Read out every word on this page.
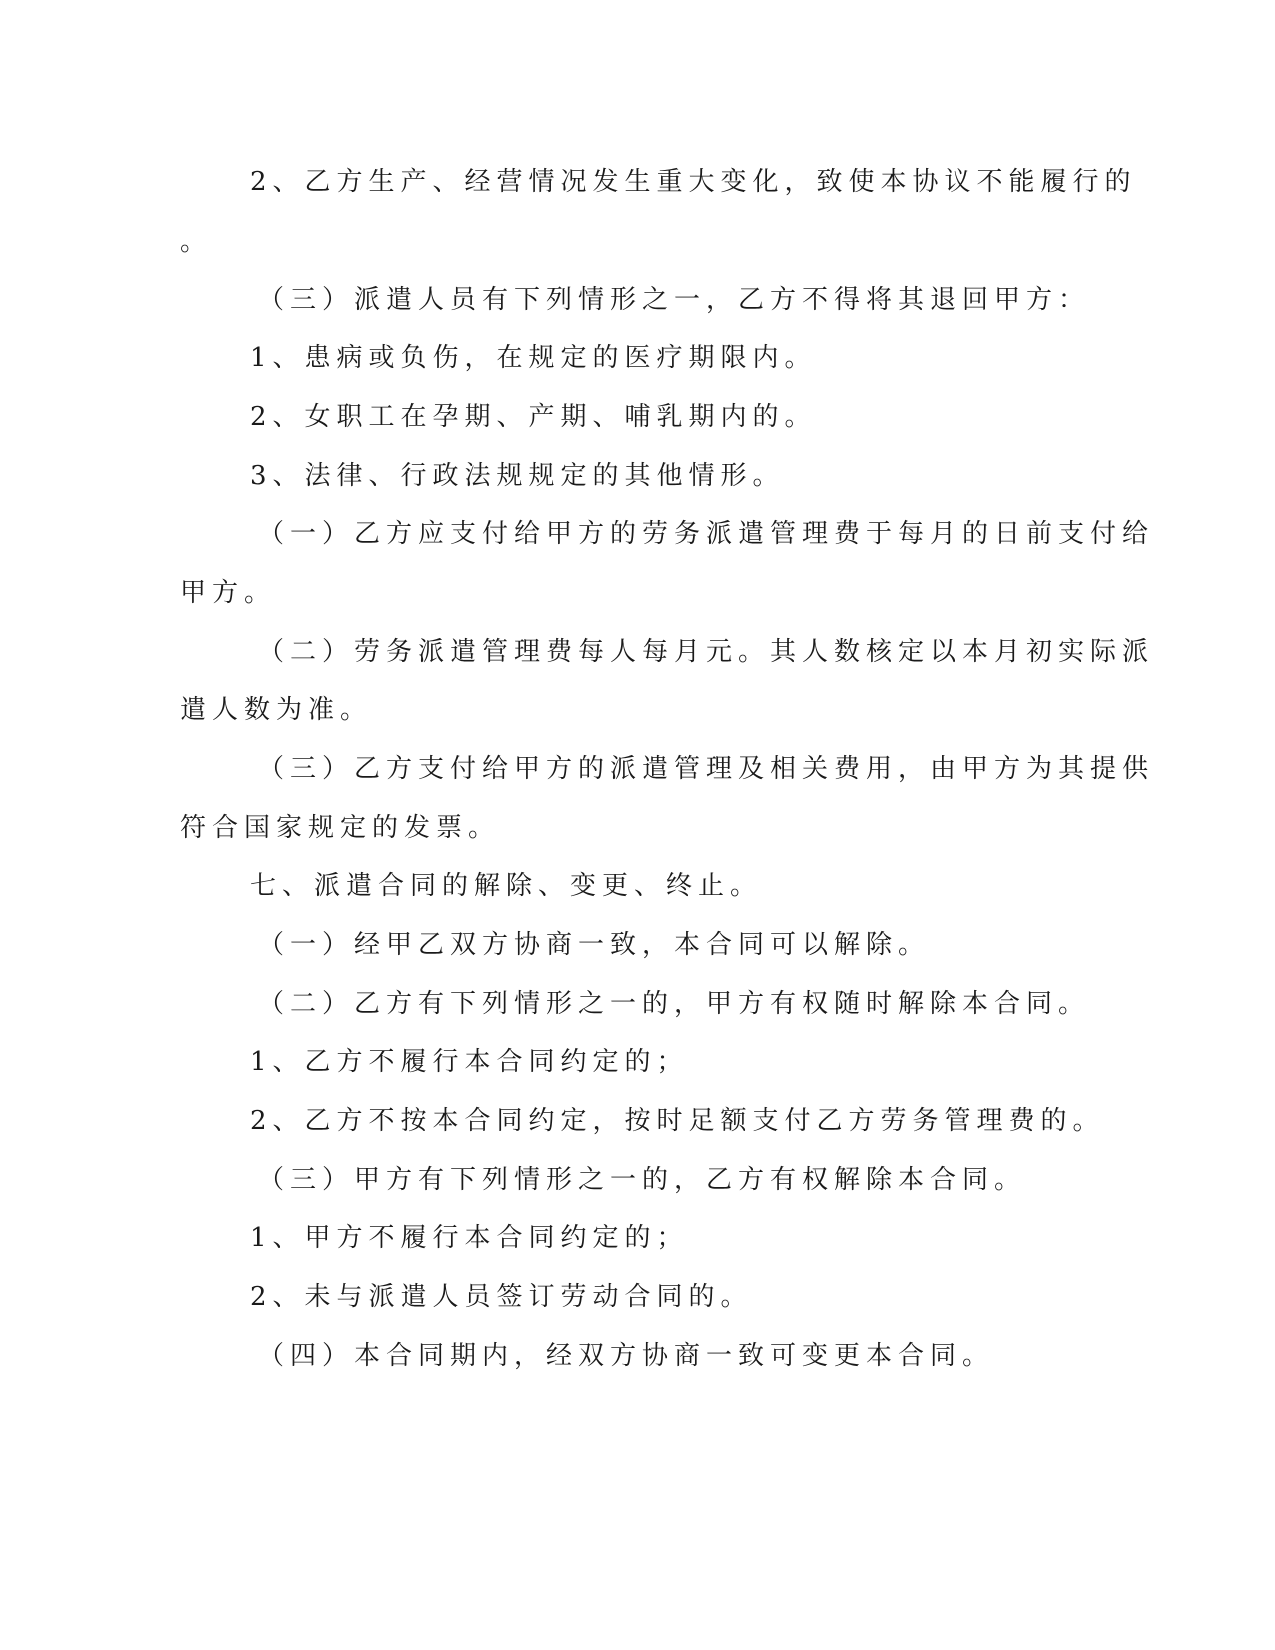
2、乙方生产、经营情况发生重大变化，致使本协议不能履行的

。

（三）派遣人员有下列情形之一，乙方不得将其退回甲方：

1、患病或负伤，在规定的医疗期限内。

2、女职工在孕期、产期、哺乳期内的。

3、法律、行政法规规定的其他情形。

（一）乙方应支付给甲方的劳务派遣管理费于每月的日前支付给

甲方。

（二）劳务派遣管理费每人每月元。其人数核定以本月初实际派

遣人数为准。

（三）乙方支付给甲方的派遣管理及相关费用，由甲方为其提供

符合国家规定的发票。

七、派遣合同的解除、变更、终止。

（一）经甲乙双方协商一致，本合同可以解除。

（二）乙方有下列情形之一的，甲方有权随时解除本合同。

1、乙方不履行本合同约定的；

2、乙方不按本合同约定，按时足额支付乙方劳务管理费的。

（三）甲方有下列情形之一的，乙方有权解除本合同。

1、甲方不履行本合同约定的；

2、未与派遣人员签订劳动合同的。

（四）本合同期内，经双方协商一致可变更本合同。
